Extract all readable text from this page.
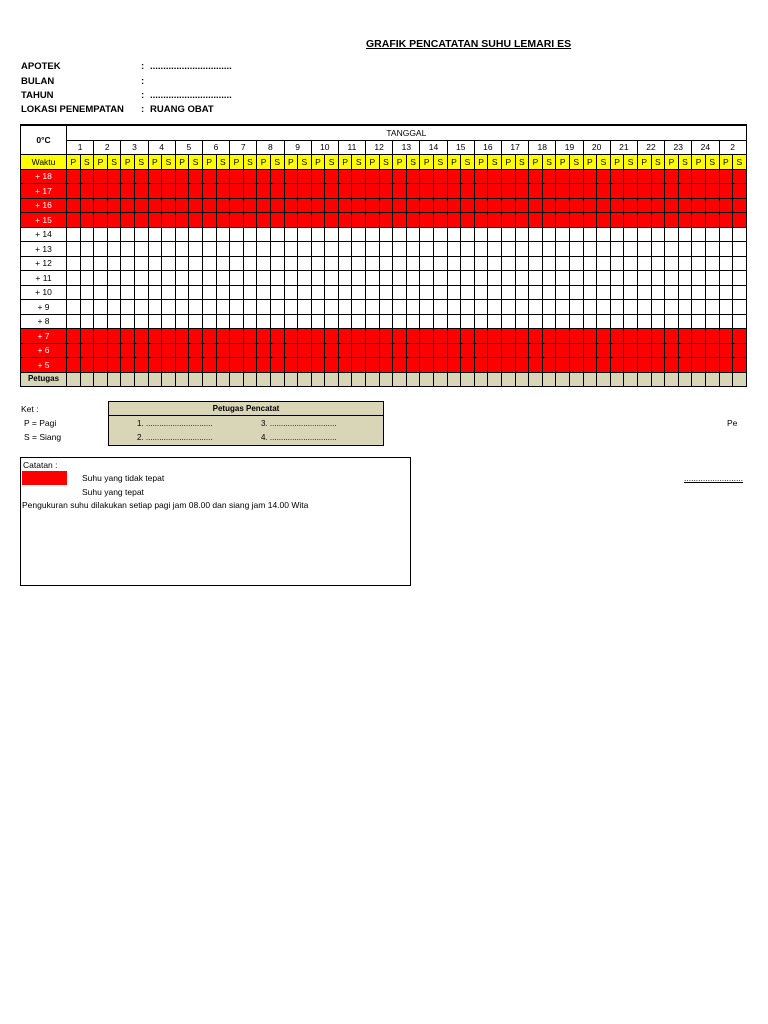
GRAFIK PENCATATAN SUHU LEMARI ES
APOTEK	: ...............................
BULAN	:
TAHUN	: ...............................
LOKASI PENEMPATAN : RUANG OBAT
0°C	TANGGAL																																																	
	1		2		3		4		5		6		7		8		9		10		11		12		13		14		15		16		17		18		19		20		21		22		23		24		2	
Waktu	P	S	P	S	P	S	P	S	P	S	P	S	P	S	P	S	P	S	P	S	P	S	P	S	P	S	P	S	P	S	P	S	P	S	P	S	P	S	P	S	P	S	P	S	P	S	P	S	P	S
+ 18																																																		
+ 17																																																		
+ 16																																																		
+ 15																																																		
+ 14																																																		
+ 13																																																		
+ 12																																																		
+ 11																																																		
+ 10																																																		
+ 9																																																		
+ 8																																																		
+ 7																																																		
+ 6																																																		
+ 5																																																		
Petugas																																																		
Ket :
P = Pagi
S = Siang
Petugas Pencatat
1. ..............................	3. ..............................
2. ..............................	4. ..............................
Pe
.........................
Catatan :
Suhu yang tidak tepat
Suhu yang tepat
Pengukuran suhu dilakukan setiap pagi jam 08.00 dan siang jam 14.00 Wita
